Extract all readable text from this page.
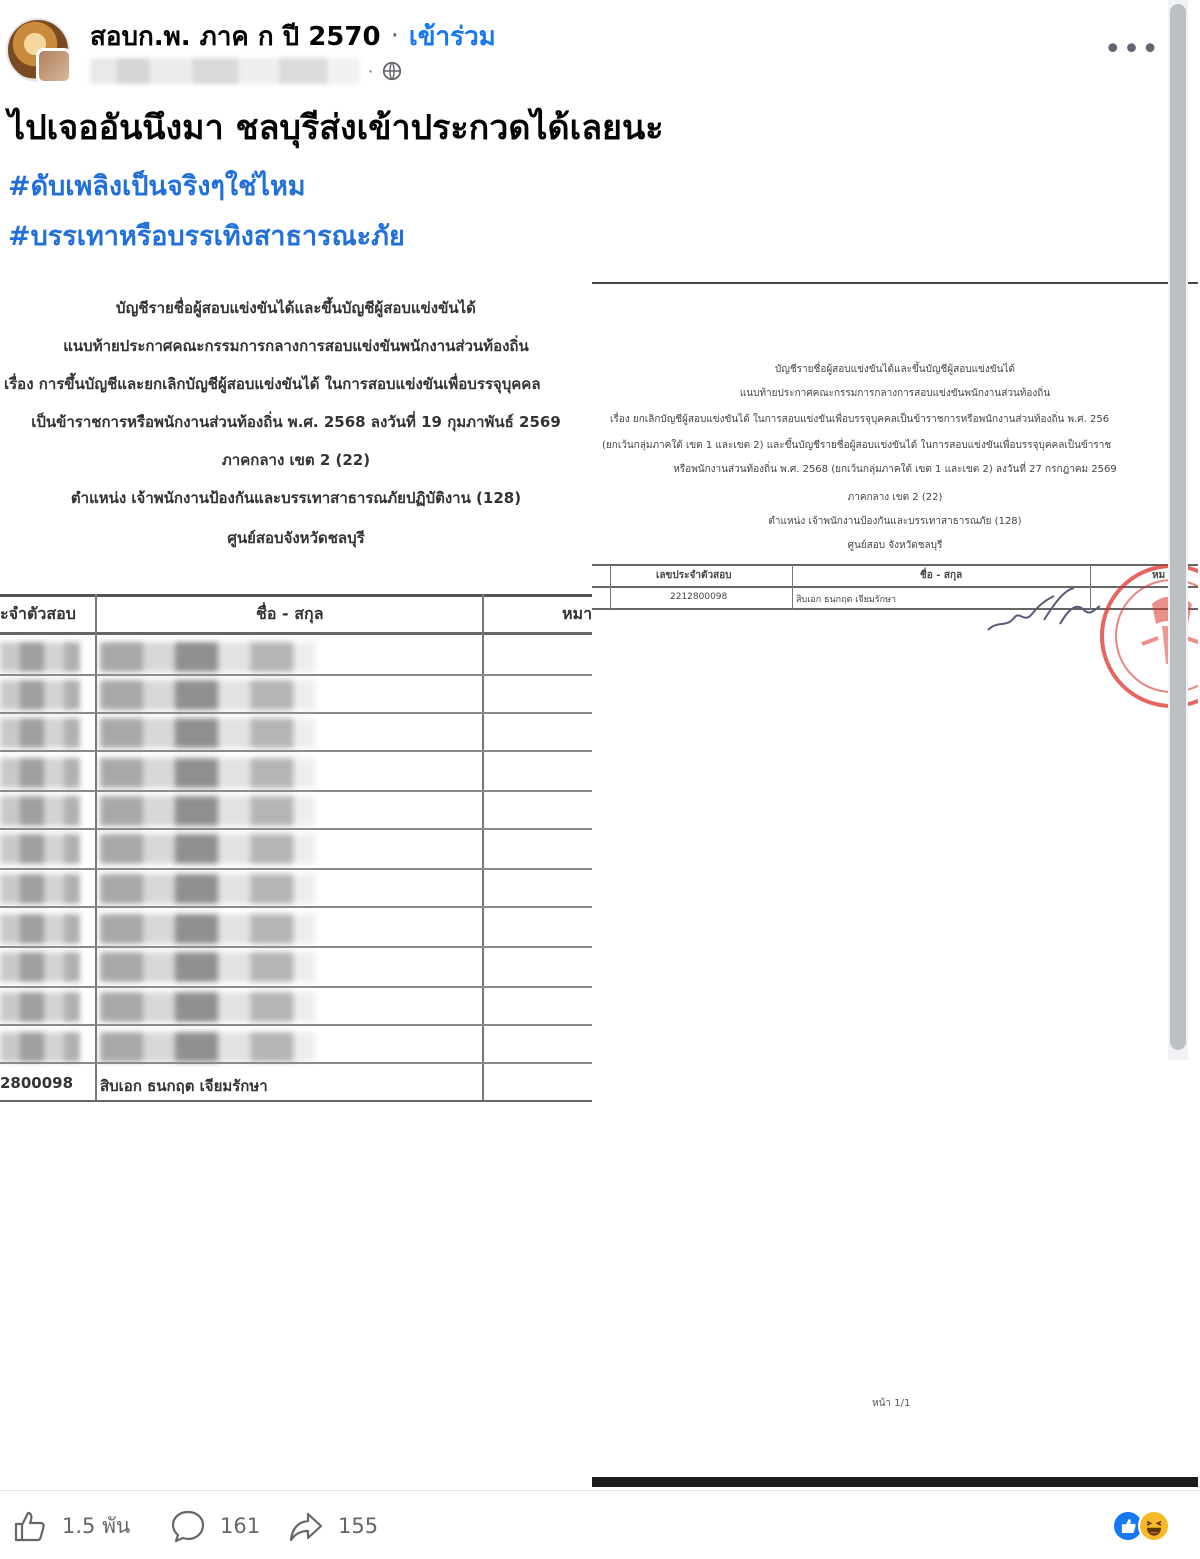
สอบก.พ. ภาค ก ปี 2570 · เข้าร่วม
·
•••
ไปเจออันนึงมา ชลบุรีส่งเข้าประกวดได้เลยนะ
#ดับเพลิงเป็นจริงๆใช่ไหม
#บรรเทาหรือบรรเทิงสาธารณะภัย
บัญชีรายชื่อผู้สอบแข่งขันได้และขึ้นบัญชีผู้สอบแข่งขันได้
แนบท้ายประกาศคณะกรรมการกลางการสอบแข่งขันพนักงานส่วนท้องถิ่น
เรื่อง การขึ้นบัญชีและยกเลิกบัญชีผู้สอบแข่งขันได้ ในการสอบแข่งขันเพื่อบรรจุบุคคล
เป็นข้าราชการหรือพนักงานส่วนท้องถิ่น พ.ศ. 2568 ลงวันที่ 19 กุมภาพันธ์ 2569
ภาคกลาง เขต 2 (22)
ตำแหน่ง เจ้าพนักงานป้องกันและบรรเทาสาธารณภัยปฏิบัติงาน (128)
ศูนย์สอบจังหวัดชลบุรี
ะจำตัวสอบ	ชื่อ - สกุล	หมา
2800098 สิบเอก ธนกฤต เจียมรักษา
บัญชีรายชื่อผู้สอบแข่งขันได้และขึ้นบัญชีผู้สอบแข่งขันได้
แนบท้ายประกาศคณะกรรมการกลางการสอบแข่งขันพนักงานส่วนท้องถิ่น
เรื่อง ยกเลิกบัญชีผู้สอบแข่งขันได้ ในการสอบแข่งขันเพื่อบรรจุบุคคลเป็นข้าราชการหรือพนักงานส่วนท้องถิ่น พ.ศ. 256
(ยกเว้นกลุ่มภาคใต้ เขต 1 และเขต 2) และขึ้นบัญชีรายชื่อผู้สอบแข่งขันได้ ในการสอบแข่งขันเพื่อบรรจุบุคคลเป็นข้าราช
หรือพนักงานส่วนท้องถิ่น พ.ศ. 2568 (ยกเว้นกลุ่มภาคใต้ เขต 1 และเขต 2) ลงวันที่ 27 กรกฎาคม 2569
ภาคกลาง เขต 2 (22)
ตำแหน่ง เจ้าพนักงานป้องกันและบรรเทาสาธารณภัย (128)
ศูนย์สอบ จังหวัดชลบุรี
เลขประจำตัวสอบ	ชื่อ - สกุล	หม
2212800098	สิบเอก ธนกฤต เจียมรักษา
หน้า 1/1
1.5 พัน	161	155
